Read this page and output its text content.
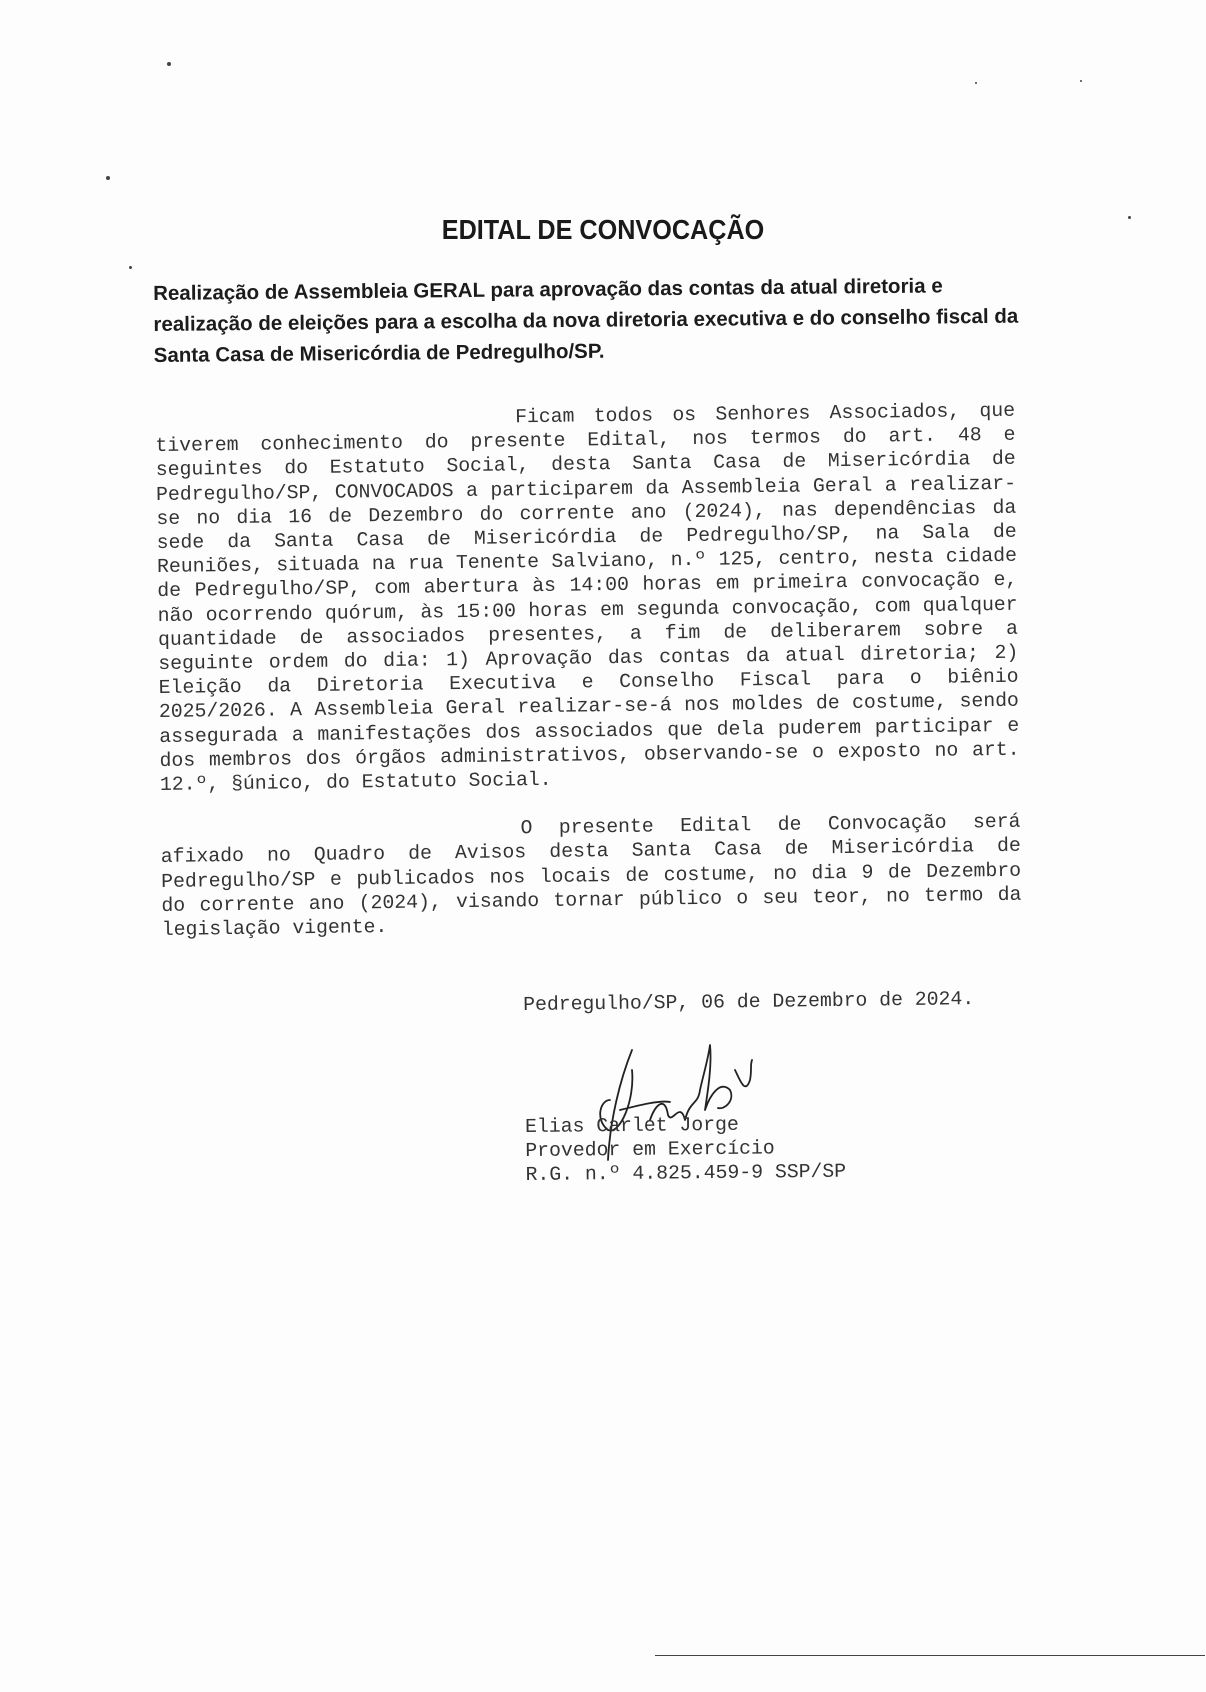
EDITAL DE CONVOCAÇÃO
Realização de Assembleia GERAL para aprovação das contas da atual diretoria e realização de eleições para a escolha da nova diretoria executiva e do conselho fiscal da Santa Casa de Misericórdia de Pedregulho/SP.

Ficam todos os Senhores Associados, que tiverem conhecimento do presente Edital, nos termos do art. 48 e seguintes do Estatuto Social, desta Santa Casa de Misericórdia de Pedregulho/SP, CONVOCADOS a participarem da Assembleia Geral a realizar-se no dia 16 de Dezembro do corrente ano (2024), nas dependências da sede da Santa Casa de Misericórdia de Pedregulho/SP, na Sala de Reuniões, situada na rua Tenente Salviano, n.º 125, centro, nesta cidade de Pedregulho/SP, com abertura às 14:00 horas em primeira convocação e, não ocorrendo quórum, às 15:00 horas em segunda convocação, com qualquer quantidade de associados presentes, a fim de deliberarem sobre a seguinte ordem do dia: 1) Aprovação das contas da atual diretoria; 2) Eleição da Diretoria Executiva e Conselho Fiscal para o biênio 2025/2026. A Assembleia Geral realizar-se-á nos moldes de costume, sendo assegurada a manifestações dos associados que dela puderem participar e dos membros dos órgãos administrativos, observando-se o exposto no art. 12.º, §único, do Estatuto Social.

O presente Edital de Convocação será afixado no Quadro de Avisos desta Santa Casa de Misericórdia de Pedregulho/SP e publicados nos locais de costume, no dia 9 de Dezembro do corrente ano (2024), visando tornar público o seu teor, no termo da legislação vigente.

Pedregulho/SP, 06 de Dezembro de 2024.
Elias Carlet Jorge
Provedor em Exercício
R.G. n.º 4.825.459-9 SSP/SP
